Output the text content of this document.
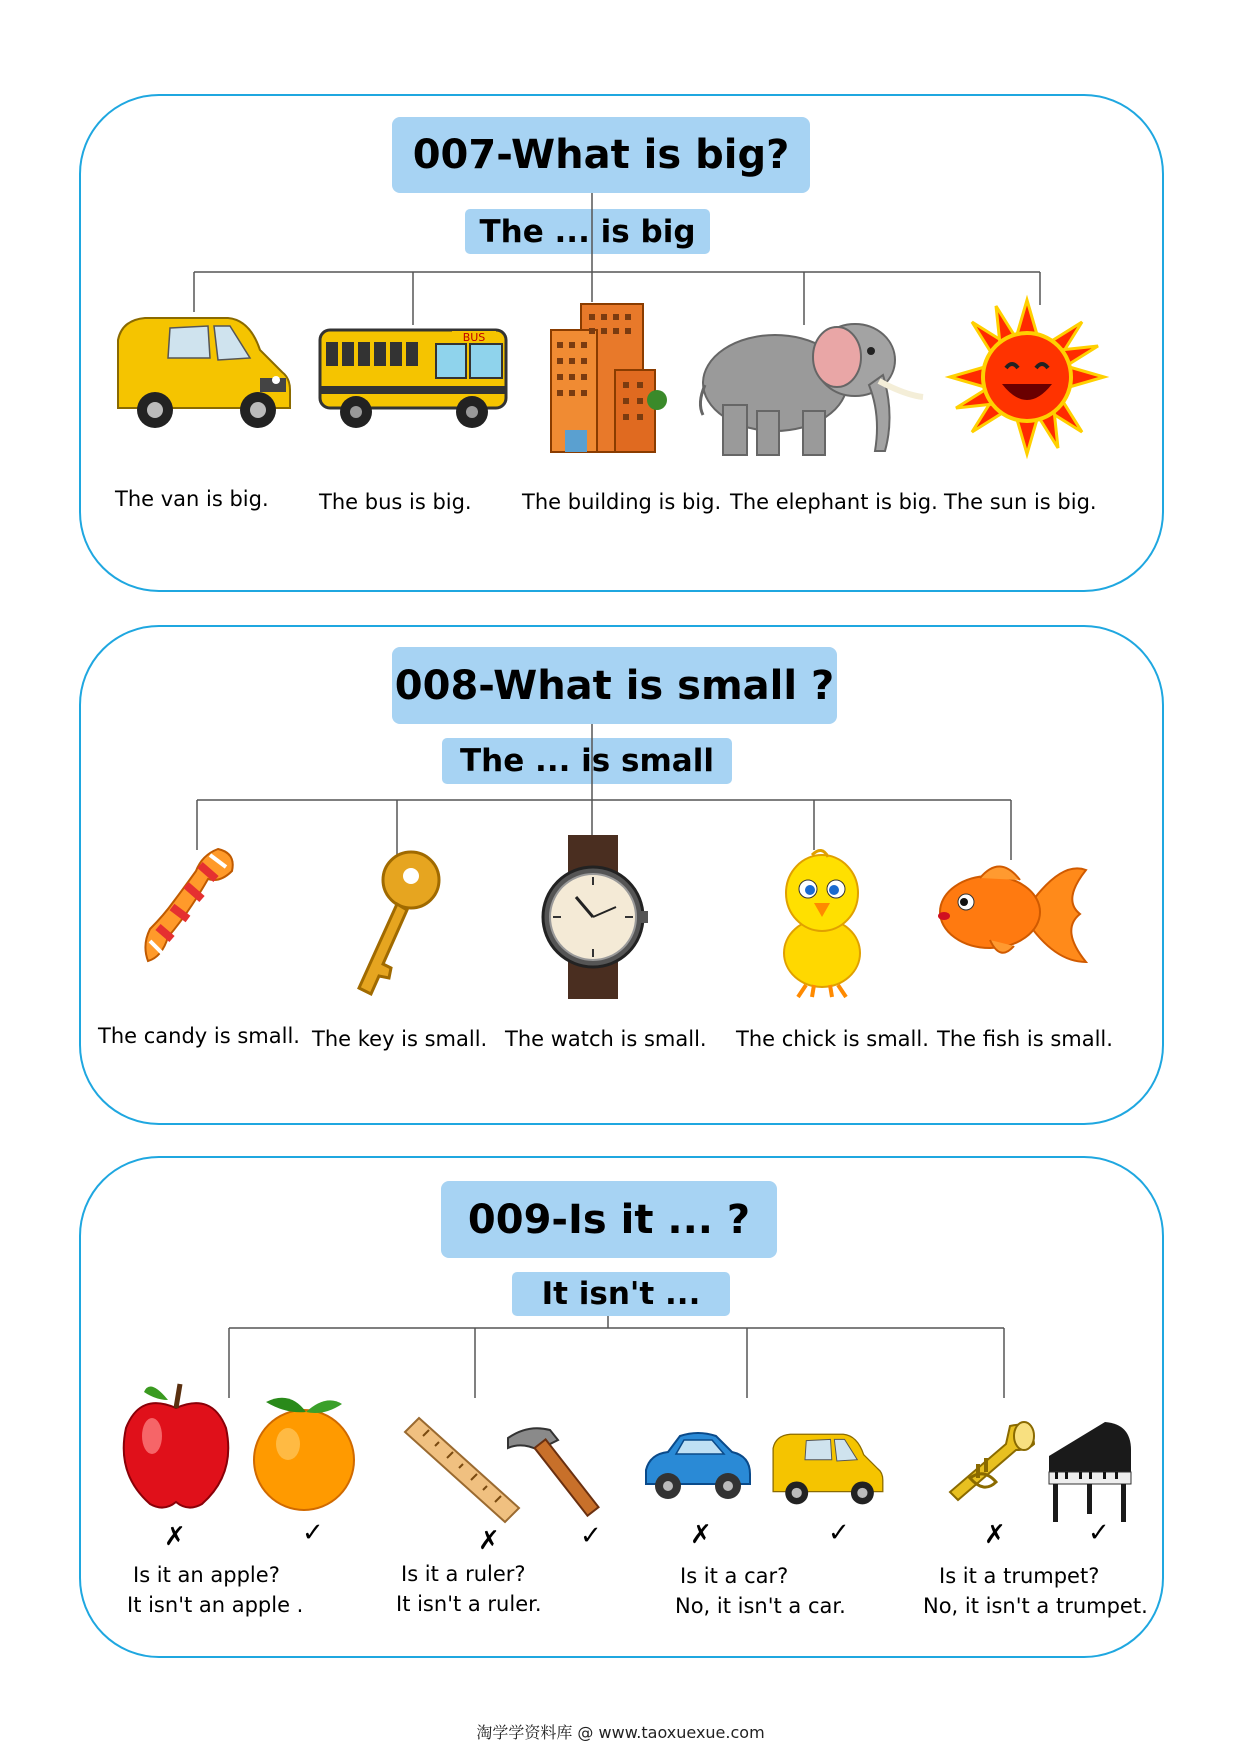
007-What is big?
The ... is big
BUS
The van is big. The bus is big. The building is big. The elephant is big. The sun is big.
008-What is small ?
The ... is small
The candy is small. The key is small. The watch is small. The chick is small. The fish is small.
009-Is it ... ?
It isn't ...
✗	✓	✗	✓	✗	✓	✗	✓
Is it an apple?
It isn't an apple .
Is it a ruler?
It isn't a ruler.
Is it a car?
No, it isn't a car.
Is it a trumpet?
No, it isn't a trumpet.
淘学学资料库 @ www.taoxuexue.com
